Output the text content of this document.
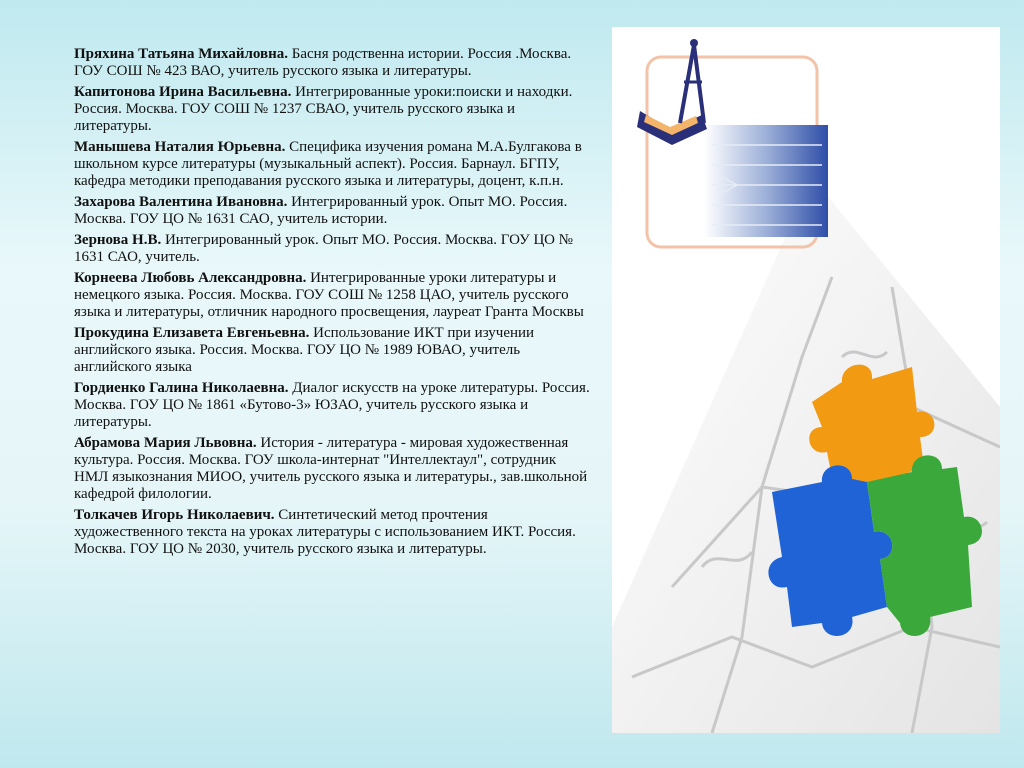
Пряхина Татьяна Михайловна. Басня родственна истории. Россия .Москва. ГОУ СОШ № 423 ВАО, учитель русского языка и литературы.

Капитонова Ирина Васильевна. Интегрированные уроки:поиски и находки. Россия. Москва. ГОУ СОШ № 1237 СВАО, учитель русского языка и литературы.

Манышева Наталия Юрьевна. Специфика изучения романа М.А.Булгакова в школьном курсе литературы (музыкальный аспект). Россия. Барнаул. БГПУ, кафедра методики преподавания русского языка и литературы, доцент, к.п.н.

Захарова Валентина Ивановна. Интегрированный урок. Опыт МО. Россия. Москва. ГОУ ЦО № 1631 САО, учитель истории.

Зернова Н.В. Интегрированный урок. Опыт МО. Россия. Москва. ГОУ ЦО № 1631 САО, учитель.

Корнеева Любовь Александровна. Интегрированные уроки литературы и немецкого языка. Россия. Москва. ГОУ СОШ № 1258 ЦАО, учитель русского языка и литературы, отличник народного просвещения, лауреат Гранта Москвы

Прокудина Елизавета Евгеньевна. Использование ИКТ при изучении английского языка. Россия. Москва. ГОУ ЦО № 1989 ЮВАО, учитель английского языка

Гордиенко Галина Николаевна. Диалог искусств на уроке литературы. Россия. Москва. ГОУ ЦО № 1861 «Бутово-3» ЮЗАО, учитель русского языка и литературы.

Абрамова Мария Львовна. История - литература - мировая художественная культура. Россия. Москва. ГОУ школа-интернат "Интеллектаул", сотрудник НМЛ языкознания МИОО, учитель русского языка и литературы., зав.школьной кафедрой филологии.

Толкачев Игорь Николаевич. Синтетический метод прочтения художественного текста на уроках литературы с использованием ИКТ. Россия. Москва. ГОУ ЦО № 2030, учитель русского языка и литературы.
